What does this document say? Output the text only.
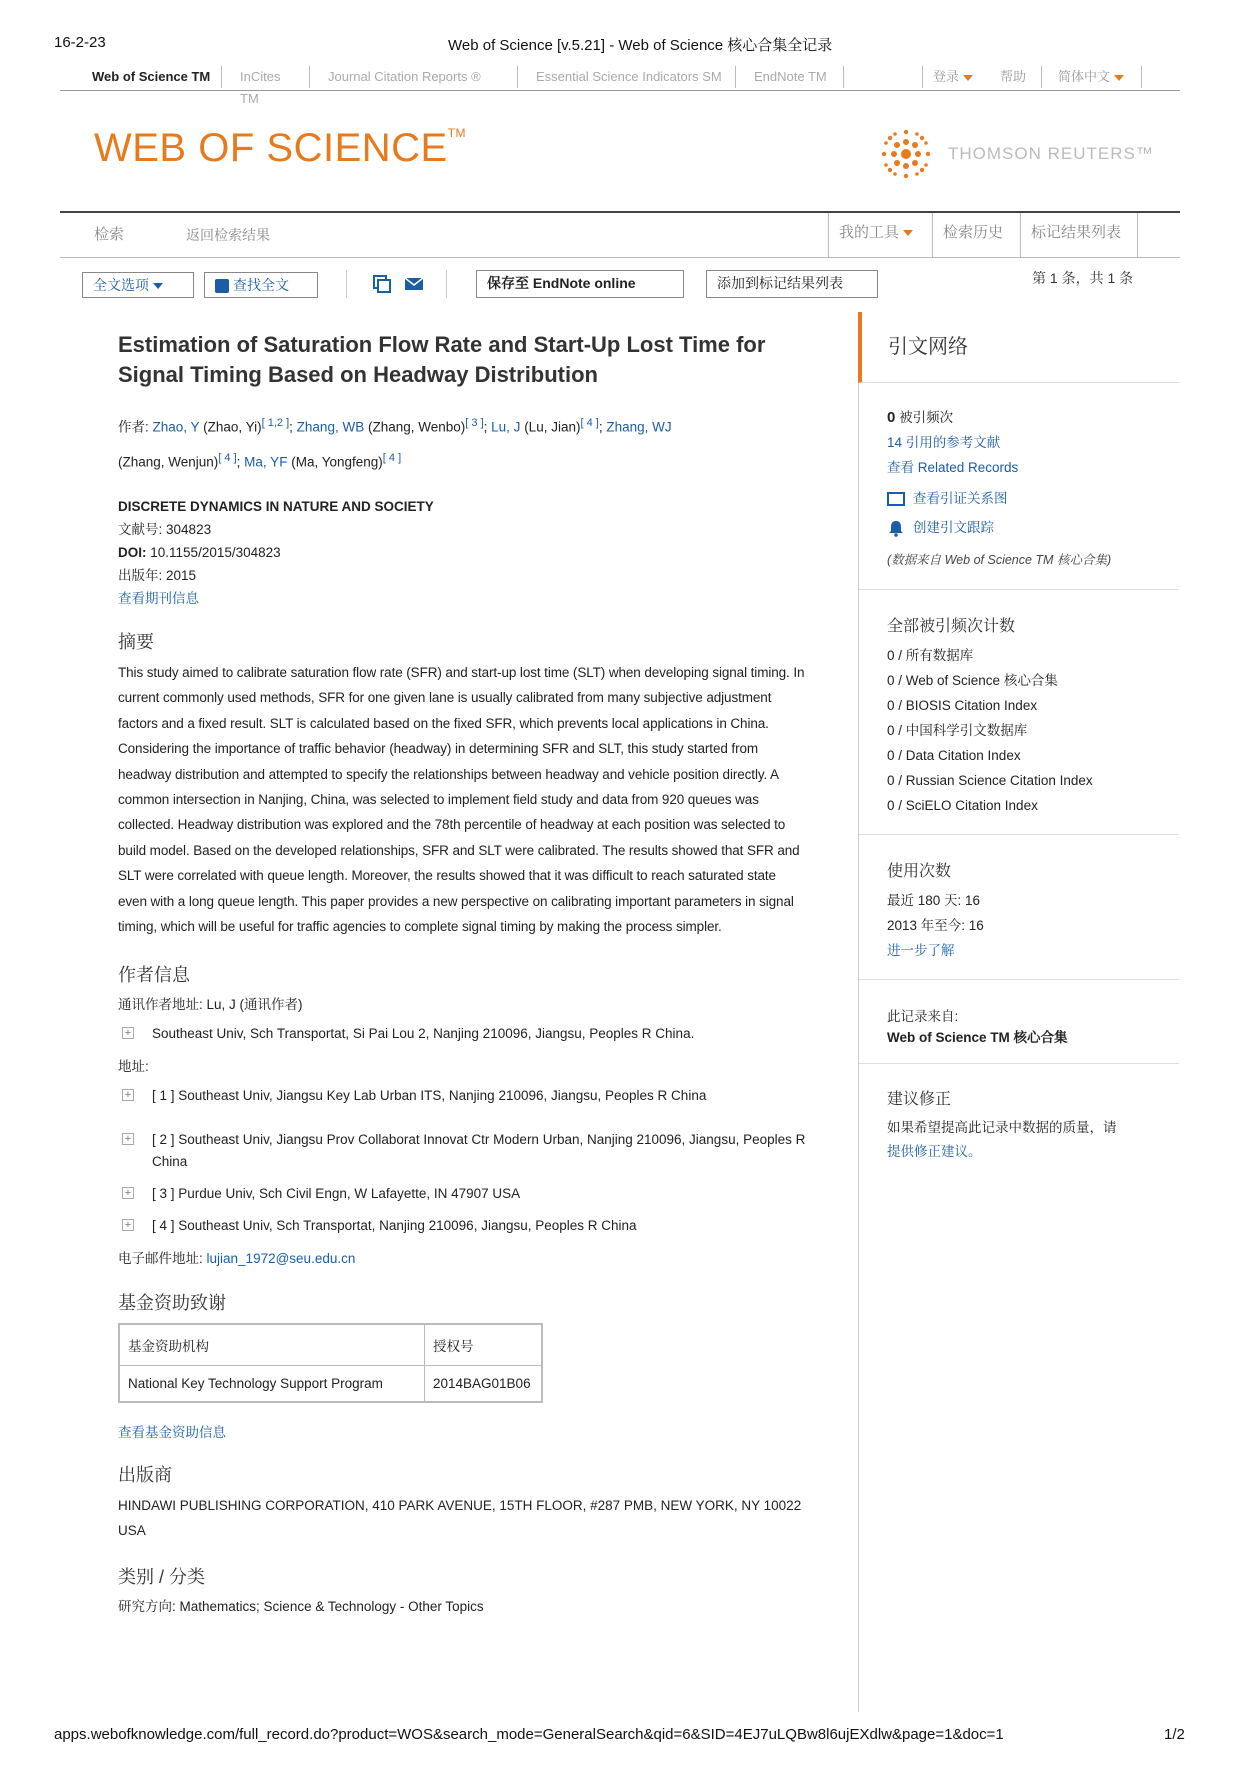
16-2-23	Web of Science [v.5.21] - Web of Science 核心合集全记录
Web of Science TM	InCites TM
Journal Citation Reports ®	Essential Science Indicators SM	EndNote TM	登录	帮助	简体中文
WEB OF SCIENCE™
THOMSON REUTERS™
检索	返回检索结果	我的工具	检索历史	标记结果列表
全文选项	查找全文	保存至 EndNote online	添加到标记结果列表	第 1 条，共 1 条
Estimation of Saturation Flow Rate and Start-Up Lost Time for Signal Timing Based on Headway Distribution
作者: Zhao, Y (Zhao, Yi)[ 1,2 ]; Zhang, WB (Zhang, Wenbo)[ 3 ]; Lu, J (Lu, Jian)[ 4 ]; Zhang, WJ
(Zhang, Wenjun)[ 4 ]; Ma, YF (Ma, Yongfeng)[ 4 ]
DISCRETE DYNAMICS IN NATURE AND SOCIETY
文献号: 304823
DOI: 10.1155/2015/304823
出版年: 2015
查看期刊信息
摘要
This study aimed to calibrate saturation flow rate (SFR) and start-up lost time (SLT) when developing signal timing. In current commonly used methods, SFR for one given lane is usually calibrated from many subjective adjustment factors and a fixed result. SLT is calculated based on the fixed SFR, which prevents local applications in China. Considering the importance of traffic behavior (headway) in determining SFR and SLT, this study started from headway distribution and attempted to specify the relationships between headway and vehicle position directly. A common intersection in Nanjing, China, was selected to implement field study and data from 920 queues was collected. Headway distribution was explored and the 78th percentile of headway at each position was selected to build model. Based on the developed relationships, SFR and SLT were calibrated. The results showed that SFR and SLT were correlated with queue length. Moreover, the results showed that it was difficult to reach saturated state even with a long queue length. This paper provides a new perspective on calibrating important parameters in signal timing, which will be useful for traffic agencies to complete signal timing by making the process simpler.
作者信息
通讯作者地址: Lu, J (通讯作者)
+ Southeast Univ, Sch Transportat, Si Pai Lou 2, Nanjing 210096, Jiangsu, Peoples R China.
地址:
+ [ 1 ] Southeast Univ, Jiangsu Key Lab Urban ITS, Nanjing 210096, Jiangsu, Peoples R China
+ [ 2 ] Southeast Univ, Jiangsu Prov Collaborat Innovat Ctr Modern Urban, Nanjing 210096, Jiangsu, Peoples R China
+ [ 3 ] Purdue Univ, Sch Civil Engn, W Lafayette, IN 47907 USA
+ [ 4 ] Southeast Univ, Sch Transportat, Nanjing 210096, Jiangsu, Peoples R China
电子邮件地址: lujian_1972@seu.edu.cn
基金资助致谢
基金资助机构	授权号
National Key Technology Support Program	2014BAG01B06
查看基金资助信息
出版商
HINDAWI PUBLISHING CORPORATION, 410 PARK AVENUE, 15TH FLOOR, #287 PMB, NEW YORK, NY 10022 USA
类别 / 分类
研究方向: Mathematics; Science & Technology - Other Topics
引文网络
0 被引频次
14 引用的参考文献
查看 Related Records
查看引证关系图
创建引文跟踪
(数据来自 Web of Science TM 核心合集)
全部被引频次计数
0 / 所有数据库
0 / Web of Science 核心合集
0 / BIOSIS Citation Index
0 / 中国科学引文数据库
0 / Data Citation Index
0 / Russian Science Citation Index
0 / SciELO Citation Index
使用次数
最近 180 天: 16
2013 年至今: 16
进一步了解
此记录来自:
Web of Science TM 核心合集
建议修正
如果希望提高此记录中数据的质量，请
提供修正建议。
apps.webofknowledge.com/full_record.do?product=WOS&search_mode=GeneralSearch&qid=6&SID=4EJ7uLQBw8l6ujEXdlw&page=1&doc=1	1/2
